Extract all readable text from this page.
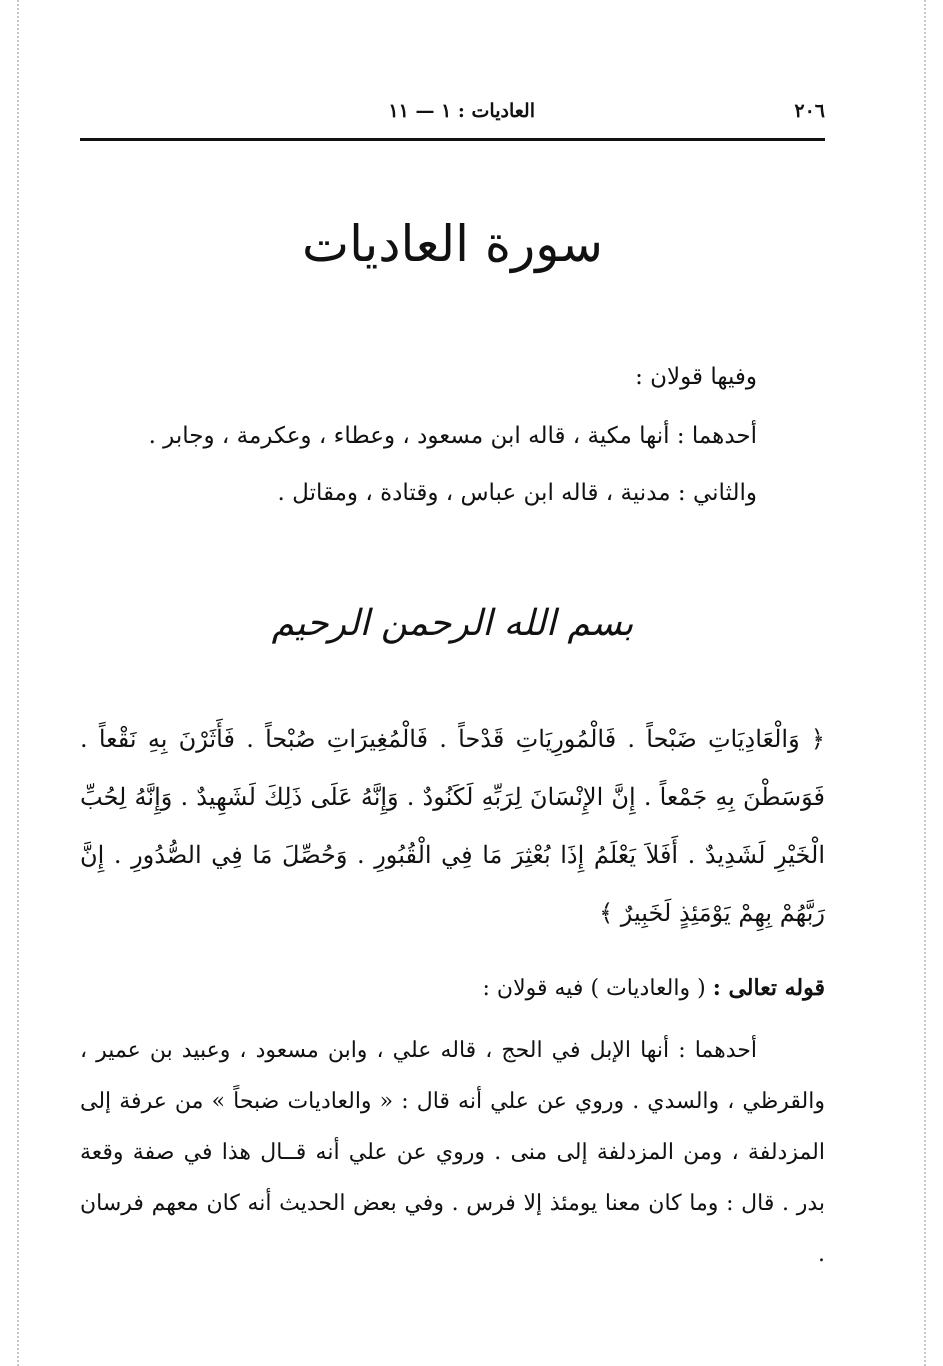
٢٠٦
العاديات : ١ — ١١
سورة العاديات
وفيها قولان :
أحدهما : أنها مكية ، قاله ابن مسعود ، وعطاء ، وعكرمة ، وجابر .
والثاني : مدنية ، قاله ابن عباس ، وقتادة ، ومقاتل .
بسم الله الرحمن الرحيم
﴿ وَالْعَادِيَاتِ ضَبْحاً . فَالْمُورِيَاتِ قَدْحاً . فَالْمُغِيرَاتِ صُبْحاً . فَأَثَرْنَ بِهِ نَقْعاً . فَوَسَطْنَ بِهِ جَمْعاً . إِنَّ الإِنْسَانَ لِرَبِّهِ لَكَنُودٌ . وَإِنَّهُ عَلَى ذَلِكَ لَشَهِيدٌ . وَإِنَّهُ لِحُبِّ الْخَيْرِ لَشَدِيدٌ . أَفَلاَ يَعْلَمُ إِذَا بُعْثِرَ مَا فِي الْقُبُورِ . وَحُصِّلَ مَا فِي الصُّدُورِ . إِنَّ رَبَّهُمْ بِهِمْ يَوْمَئِذٍ لَخَبِيرٌ ﴾
قوله تعالى : ( والعاديات ) فيه قولان :
أحدهما : أنها الإبل في الحج ، قاله علي ، وابن مسعود ، وعبيد بن عمير ، والقرظي ، والسدي . وروي عن علي أنه قال : « والعاديات ضبحاً » من عرفة إلى المزدلفة ، ومن المزدلفة إلى منى . وروي عن علي أنه قــال هذا في صفة وقعة بدر . قال : وما كان معنا يومئذ إلا فرس . وفي بعض الحديث أنه كان معهم فرسان .
